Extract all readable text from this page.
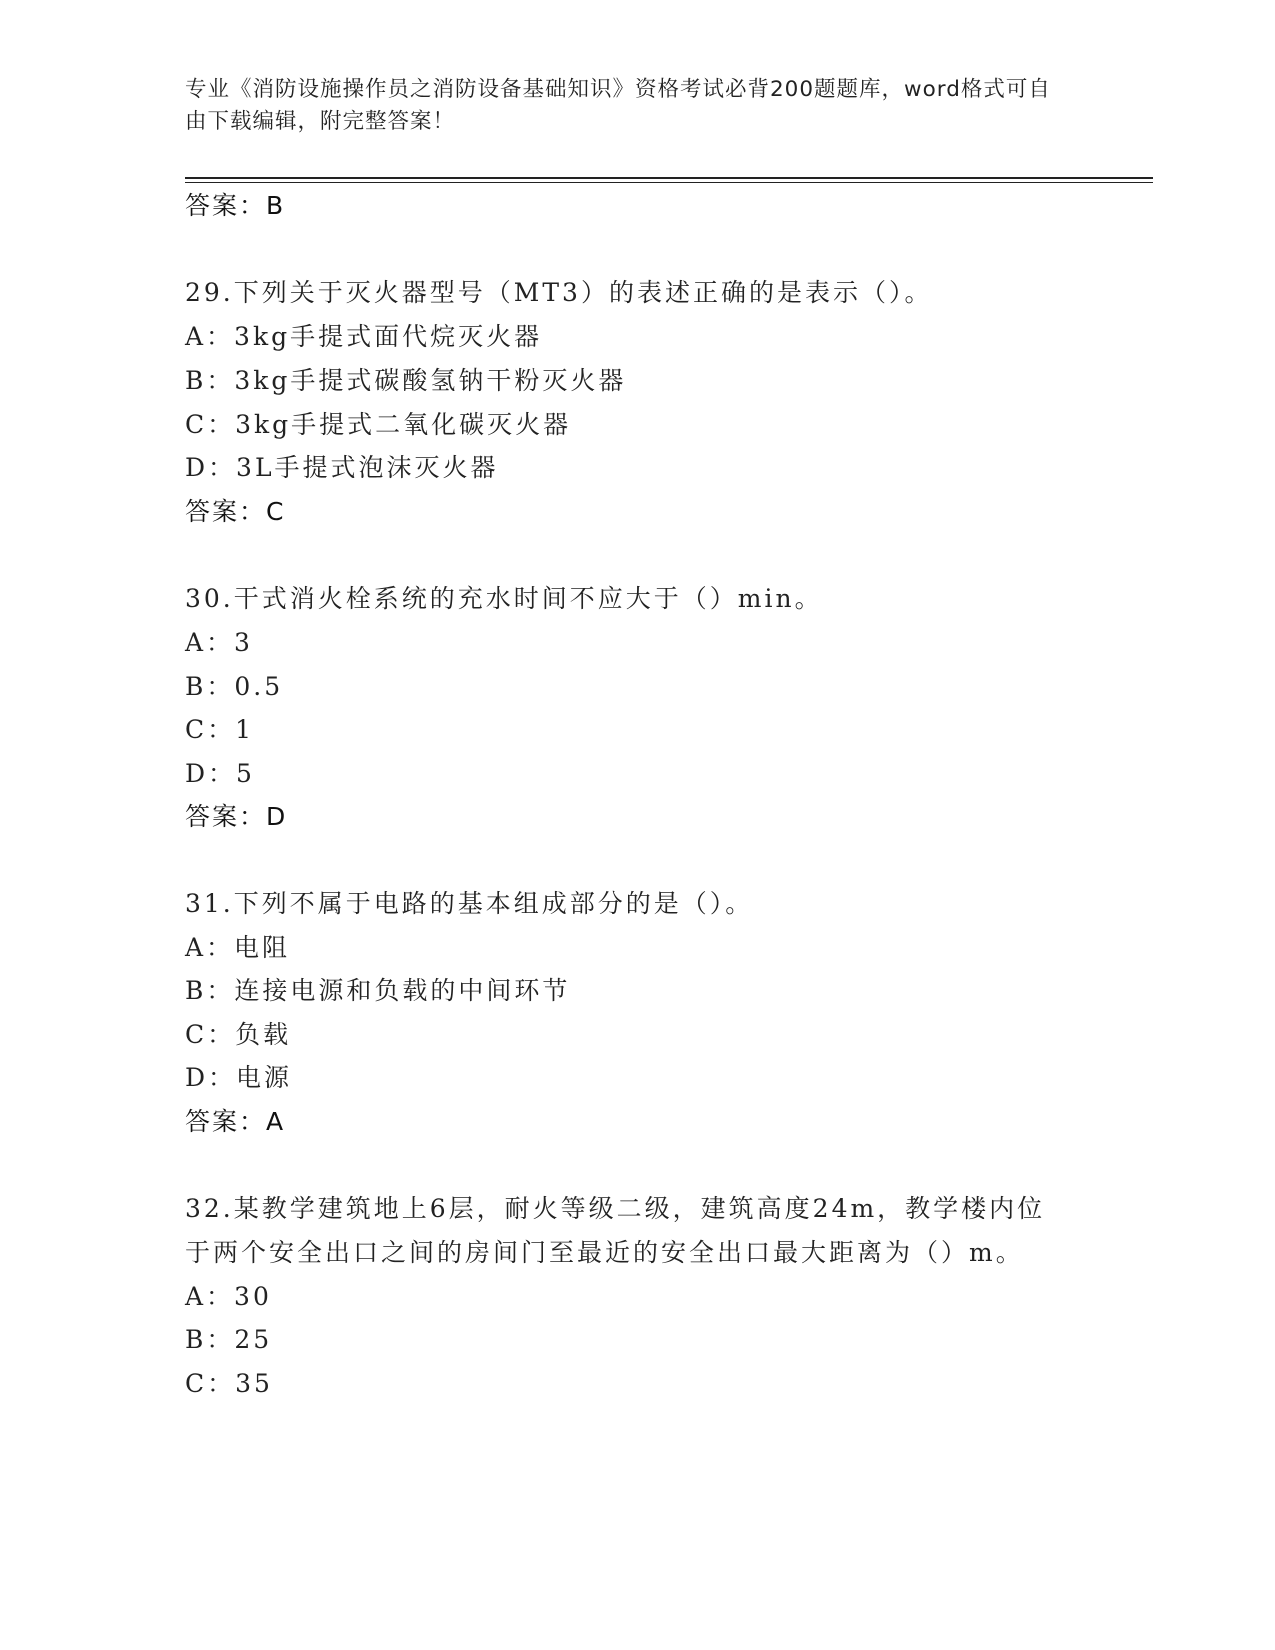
专业《消防设施操作员之消防设备基础知识》资格考试必背200题题库，word格式可自由下载编辑，附完整答案！
答案：B
29.下列关于灭火器型号（MT3）的表述正确的是表示（）。
A：3kg手提式面代烷灭火器
B：3kg手提式碳酸氢钠干粉灭火器
C：3kg手提式二氧化碳灭火器
D：3L手提式泡沫灭火器
答案：C
30.干式消火栓系统的充水时间不应大于（）min。
A：3
B：0.5
C：1
D：5
答案：D
31.下列不属于电路的基本组成部分的是（）。
A：电阻
B：连接电源和负载的中间环节
C：负载
D：电源
答案：A
32.某教学建筑地上6层，耐火等级二级，建筑高度24m，教学楼内位
于两个安全出口之间的房间门至最近的安全出口最大距离为（）m。
A：30
B：25
C：35
